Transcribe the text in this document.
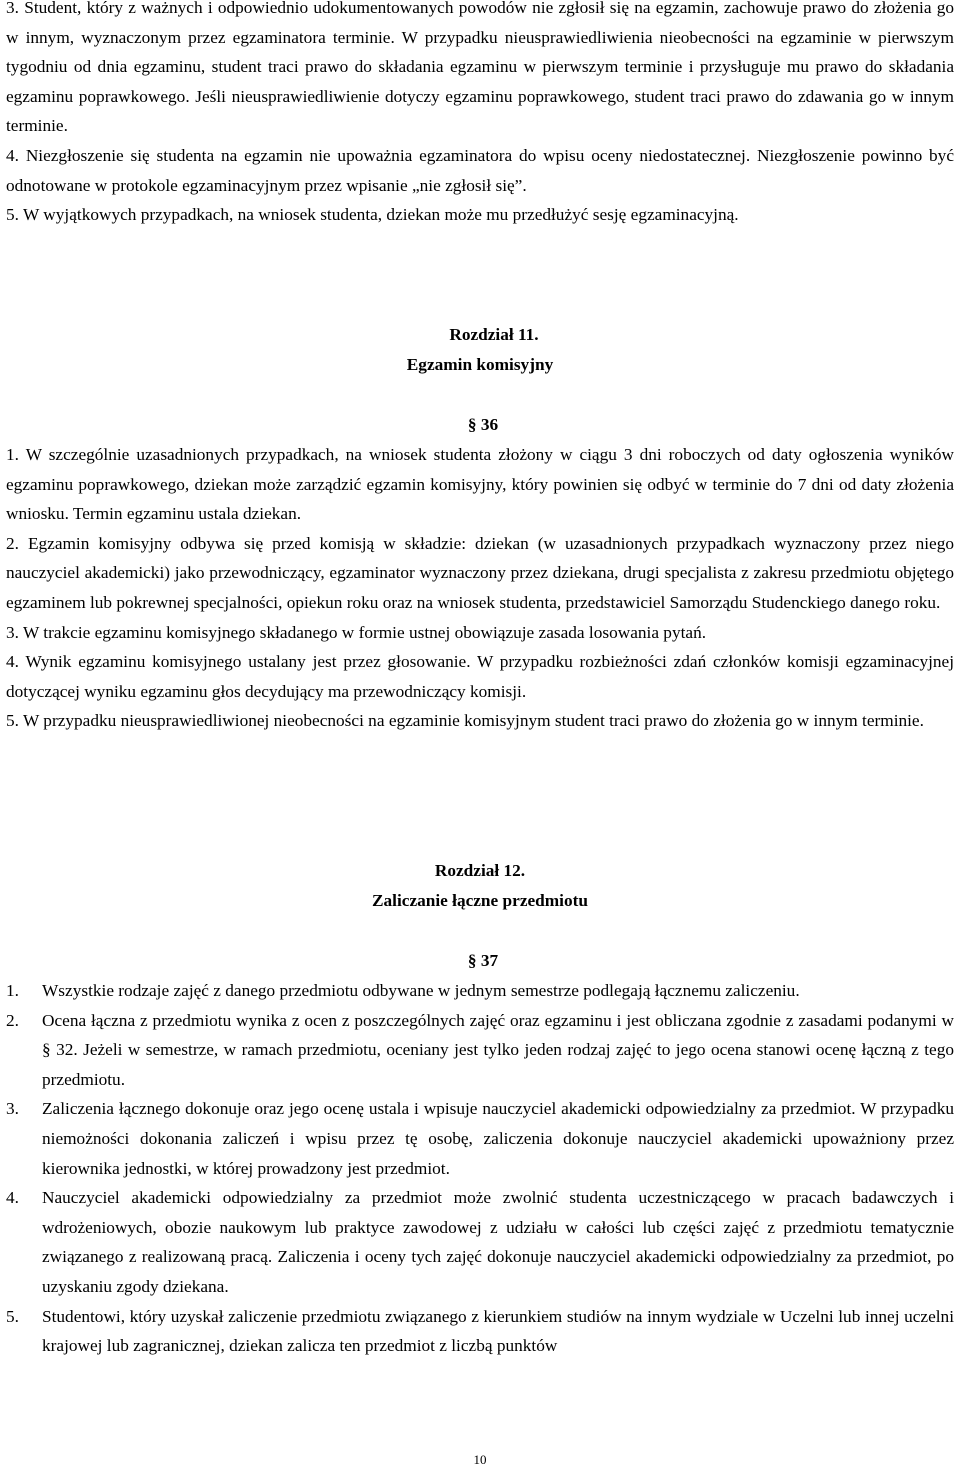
3. Student, który z ważnych i odpowiednio udokumentowanych powodów nie zgłosił się na egzamin, zachowuje prawo do złożenia go w innym, wyznaczonym przez egzaminatora terminie. W przypadku nieusprawiedliwienia nieobecności na egzaminie w pierwszym tygodniu od dnia egzaminu, student traci prawo do składania egzaminu w pierwszym terminie i przysługuje mu prawo do składania egzaminu poprawkowego. Jeśli nieusprawiedliwienie dotyczy egzaminu poprawkowego, student traci prawo do zdawania go w innym terminie.

4. Niezgłoszenie się studenta na egzamin nie upoważnia egzaminatora do wpisu oceny niedostatecznej. Niezgłoszenie powinno być odnotowane w protokole egzaminacyjnym przez wpisanie „nie zgłosił się”.

5. W wyjątkowych przypadkach, na wniosek studenta, dziekan może mu przedłużyć sesję egzaminacyjną.

Rozdział 11.

Egzamin komisyjny

§ 36

1. W szczególnie uzasadnionych przypadkach, na wniosek studenta złożony w ciągu 3 dni roboczych od daty ogłoszenia wyników egzaminu poprawkowego, dziekan może zarządzić egzamin komisyjny, który powinien się odbyć w terminie do 7 dni od daty złożenia wniosku. Termin egzaminu ustala dziekan.

2. Egzamin komisyjny odbywa się przed komisją w składzie: dziekan (w uzasadnionych przypadkach wyznaczony przez niego nauczyciel akademicki) jako przewodniczący, egzaminator wyznaczony przez dziekana, drugi specjalista z zakresu przedmiotu objętego egzaminem lub pokrewnej specjalności, opiekun roku oraz na wniosek studenta, przedstawiciel Samorządu Studenckiego danego roku.

3. W trakcie egzaminu komisyjnego składanego w formie ustnej obowiązuje zasada losowania pytań.

4. Wynik egzaminu komisyjnego ustalany jest przez głosowanie. W przypadku rozbieżności zdań członków komisji egzaminacyjnej dotyczącej wyniku egzaminu głos decydujący ma przewodniczący komisji.

5. W przypadku nieusprawiedliwionej nieobecności na egzaminie komisyjnym student traci prawo do złożenia go w innym terminie.

Rozdział 12.

Zaliczanie łączne przedmiotu

§ 37

1.	Wszystkie rodzaje zajęć z danego przedmiotu odbywane w jednym semestrze podlegają łącznemu zaliczeniu.
2.	Ocena łączna z przedmiotu wynika z ocen z poszczególnych zajęć oraz egzaminu i jest obliczana zgodnie z zasadami podanymi w § 32. Jeżeli w semestrze, w ramach przedmiotu, oceniany jest tylko jeden rodzaj zajęć to jego ocena stanowi ocenę łączną z tego przedmiotu.
3.	Zaliczenia łącznego dokonuje oraz jego ocenę ustala i wpisuje nauczyciel akademicki odpowiedzialny za przedmiot. W przypadku niemożności dokonania zaliczeń i wpisu przez tę osobę, zaliczenia dokonuje nauczyciel akademicki upoważniony przez kierownika jednostki, w której prowadzony jest przedmiot.
4.	Nauczyciel akademicki odpowiedzialny za przedmiot może zwolnić studenta uczestniczącego w pracach badawczych i wdrożeniowych, obozie naukowym lub praktyce zawodowej z udziału w całości lub części zajęć z przedmiotu tematycznie związanego z realizowaną pracą. Zaliczenia i oceny tych zajęć dokonuje nauczyciel akademicki odpowiedzialny za przedmiot, po uzyskaniu zgody dziekana.
5.	Studentowi, który uzyskał zaliczenie przedmiotu związanego z kierunkiem studiów na innym wydziale w Uczelni lub innej uczelni krajowej lub zagranicznej, dziekan zalicza ten przedmiot z liczbą punktów
10
